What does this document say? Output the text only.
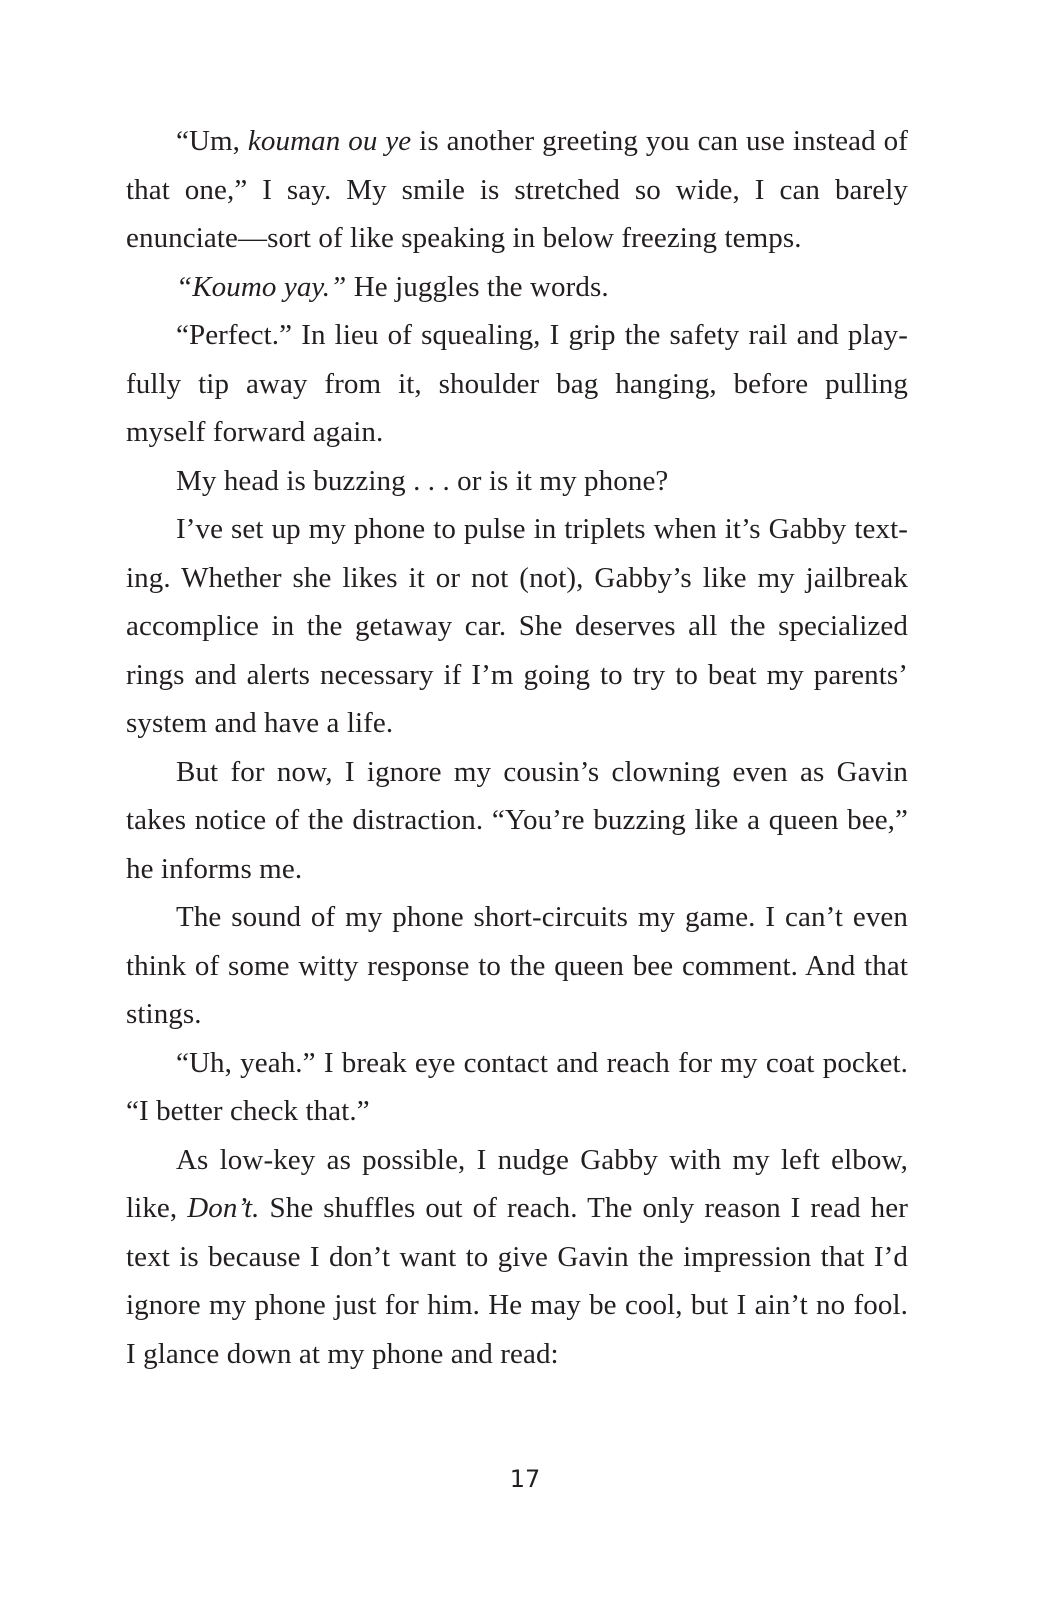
“Um, kouman ou ye is another greeting you can use instead of that one,” I say. My smile is stretched so wide, I can barely enunciate—sort of like speaking in below freezing temps.

“Koumo yay.” He juggles the words.

“Perfect.” In lieu of squealing, I grip the safety rail and play-fully tip away from it, shoulder bag hanging, before pulling myself forward again.

My head is buzzing . . . or is it my phone?

I’ve set up my phone to pulse in triplets when it’s Gabby text-ing. Whether she likes it or not (not), Gabby’s like my jailbreak accomplice in the getaway car. She deserves all the specialized rings and alerts necessary if I’m going to try to beat my parents’ system and have a life.

But for now, I ignore my cousin’s clowning even as Gavin takes notice of the distraction. “You’re buzzing like a queen bee,” he informs me.

The sound of my phone short-circuits my game. I can’t even think of some witty response to the queen bee comment. And that stings.

“Uh, yeah.” I break eye contact and reach for my coat pocket. “I better check that.”

As low-key as possible, I nudge Gabby with my left elbow, like, Don’t. She shuffles out of reach. The only reason I read her text is because I don’t want to give Gavin the impression that I’d ignore my phone just for him. He may be cool, but I ain’t no fool. I glance down at my phone and read:

17
